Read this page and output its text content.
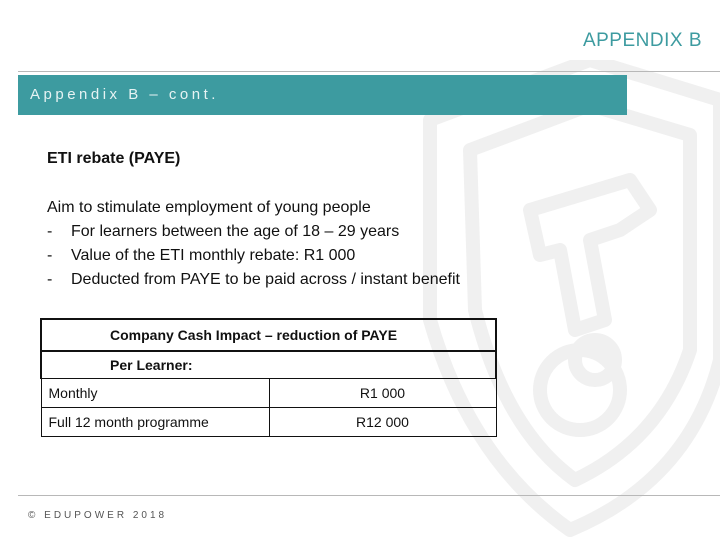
APPENDIX B
Appendix B – cont.
ETI rebate (PAYE)
Aim to stimulate employment of young people
- For learners between the age of 18 – 29 years
- Value of the ETI monthly rebate: R1 000
- Deducted from PAYE to be paid across / instant benefit
Company Cash Impact – reduction of PAYE	
Per Learner:	
Monthly	R1 000
Full 12 month programme	R12 000
© EDUPOWER 2018
